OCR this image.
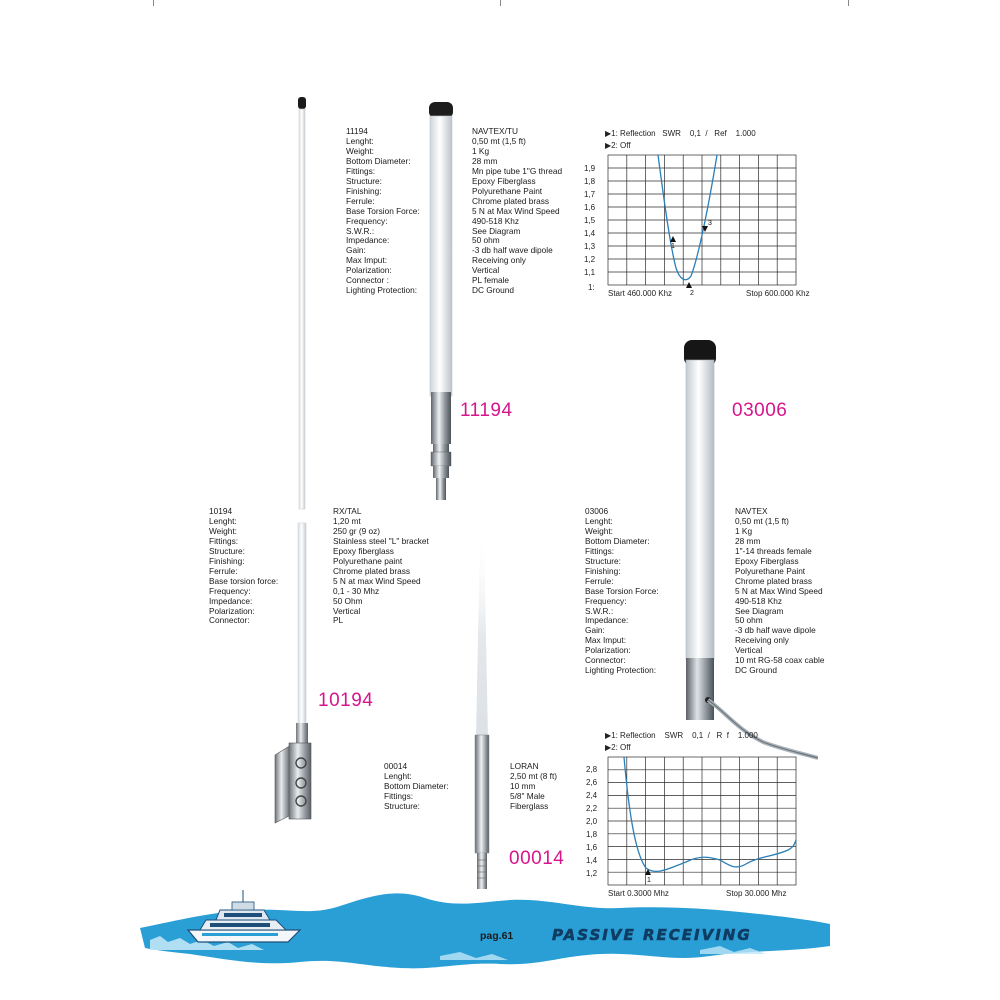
11194	NAVTEX/TU
Lenght:	0,50 mt (1,5 ft)
Weight:	1 Kg
Bottom Diameter:	28 mm
Fittings:	Mn pipe tube 1"G thread
Structure:	Epoxy Fiberglass
Finishing:	Polyurethane Paint
Ferrule:	Chrome plated brass
Base Torsion Force:	5 N at Max Wind Speed
Frequency:	490-518 Khz
S.W.R.:	See Diagram
Impedance:	50 ohm
Gain:	-3 db half wave dipole
Max Imput:	Receiving only
Polarization:	Vertical
Connector :	PL female
Lighting Protection:	DC Ground
10194	RX/TAL
Lenght:	1,20 mt
Weight:	250 gr (9 oz)
Fittings:	Stainless steel "L" bracket
Structure:	Epoxy fiberglass
Finishing:	Polyurethane paint
Ferrule:	Chrome plated brass
Base torsion force:	5 N at max Wind Speed
Frequency:	0,1 - 30 Mhz
Impedance:	50 Ohm
Polarization:	Vertical
Connector:	PL
03006	NAVTEX
Lenght:	0,50 mt (1,5 ft)
Weight:	1 Kg
Bottom Diameter:	28 mm
Fittings:	1"-14 threads female
Structure:	Epoxy Fiberglass
Finishing:	Polyurethane Paint
Ferrule:	Chrome plated brass
Base Torsion Force:	5 N at Max Wind Speed
Frequency:	490-518 Khz
S.W.R.:	See Diagram
Impedance:	50 ohm
Gain:	-3 db half wave dipole
Max Imput:	Receiving only
Polarization:	Vertical
Connector:	10 mt RG-58 coax cable
Lighting Protection:	DC Ground
00014	LORAN
Lenght:	2,50 mt (8 ft)
Bottom Diameter:	10 mm
Fittings:	5/8" Male
Structure:	Fiberglass
11194	03006
10194
00014
▶1: Reflection   SWR    0,1  /   Ref    1.000
▶2: Off
1,9
1,8
1,7
1,6
1,5
1,4
1,3
1,2
1,1
1:
Start 460.000 Khz	Stop 600.000 Khz
1
2
3
▶1: Reflection    SWR    0,1  /   R  f    1.000
▶2: Off
2,8
2,6
2,4
2,2
2,0
1,8
1,6
1,4
1,2
Start 0.3000 Mhz	Stop 30.000 Mhz
1
pag.61	PASSIVE RECEIVING
